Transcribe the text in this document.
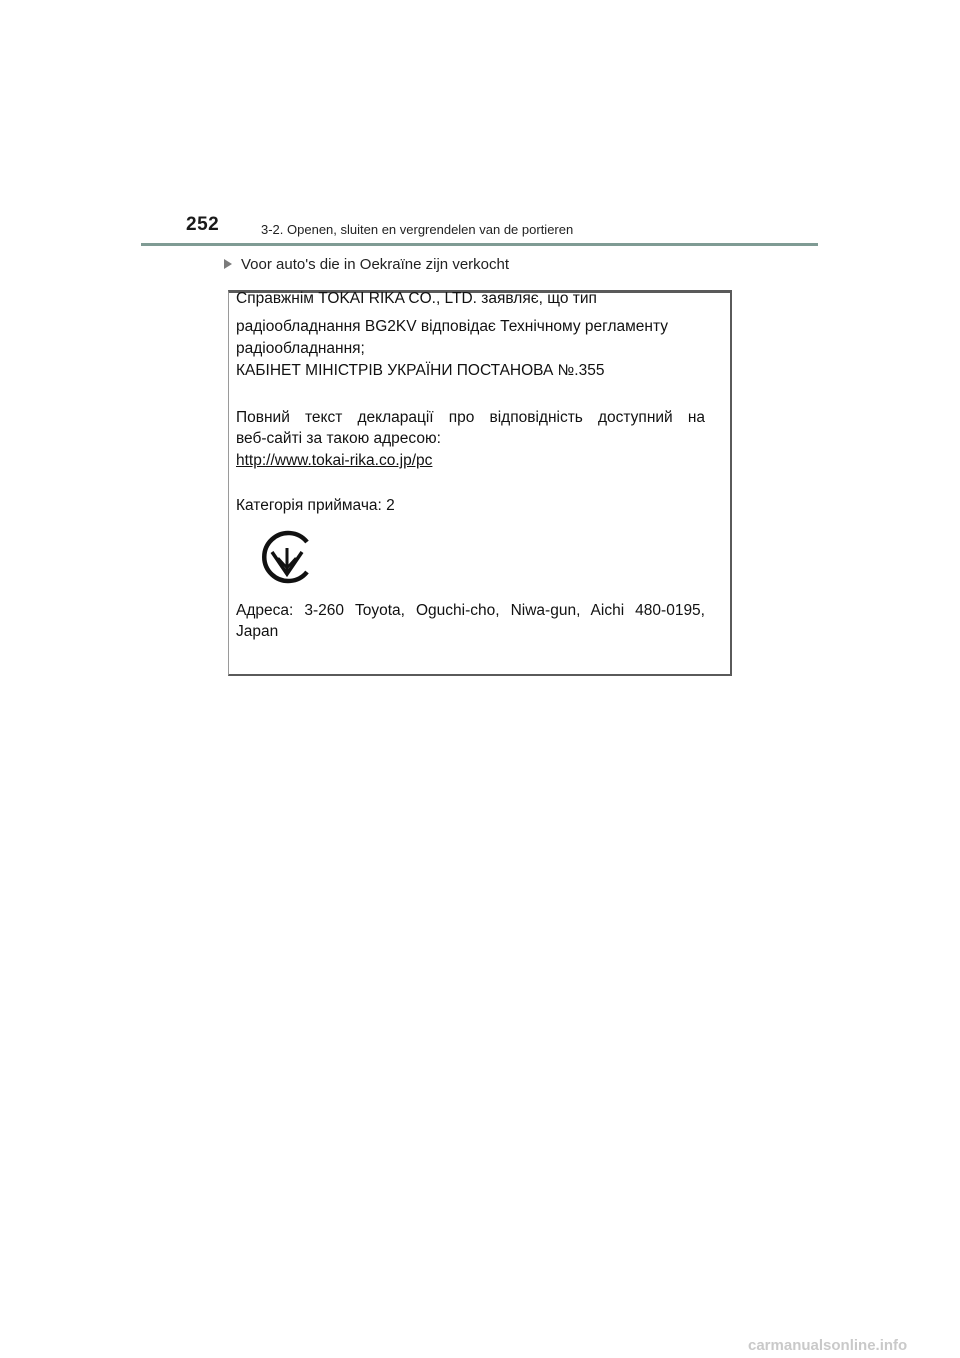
252	3-2. Openen, sluiten en vergrendelen van de portieren
Voor auto's die in Oekraïne zijn verkocht
Справжнім TOKAI RIKA CO., LTD. заявляє, що тип
радіообладнання BG2KV відповідає Технічному регламенту
радіообладнання;
КАБІНЕТ МІНІСТРІВ УКРАЇНИ ПОСТАНОВА №.355
Повний текст декларації про відповідність доступний на
веб-сайті за такою адресою:
http://www.tokai-rika.co.jp/pc
Категорія приймача: 2
Адреса: 3-260 Toyota, Oguchi-cho, Niwa-gun, Aichi 480-0195,
Japan
carmanualsonline.info
